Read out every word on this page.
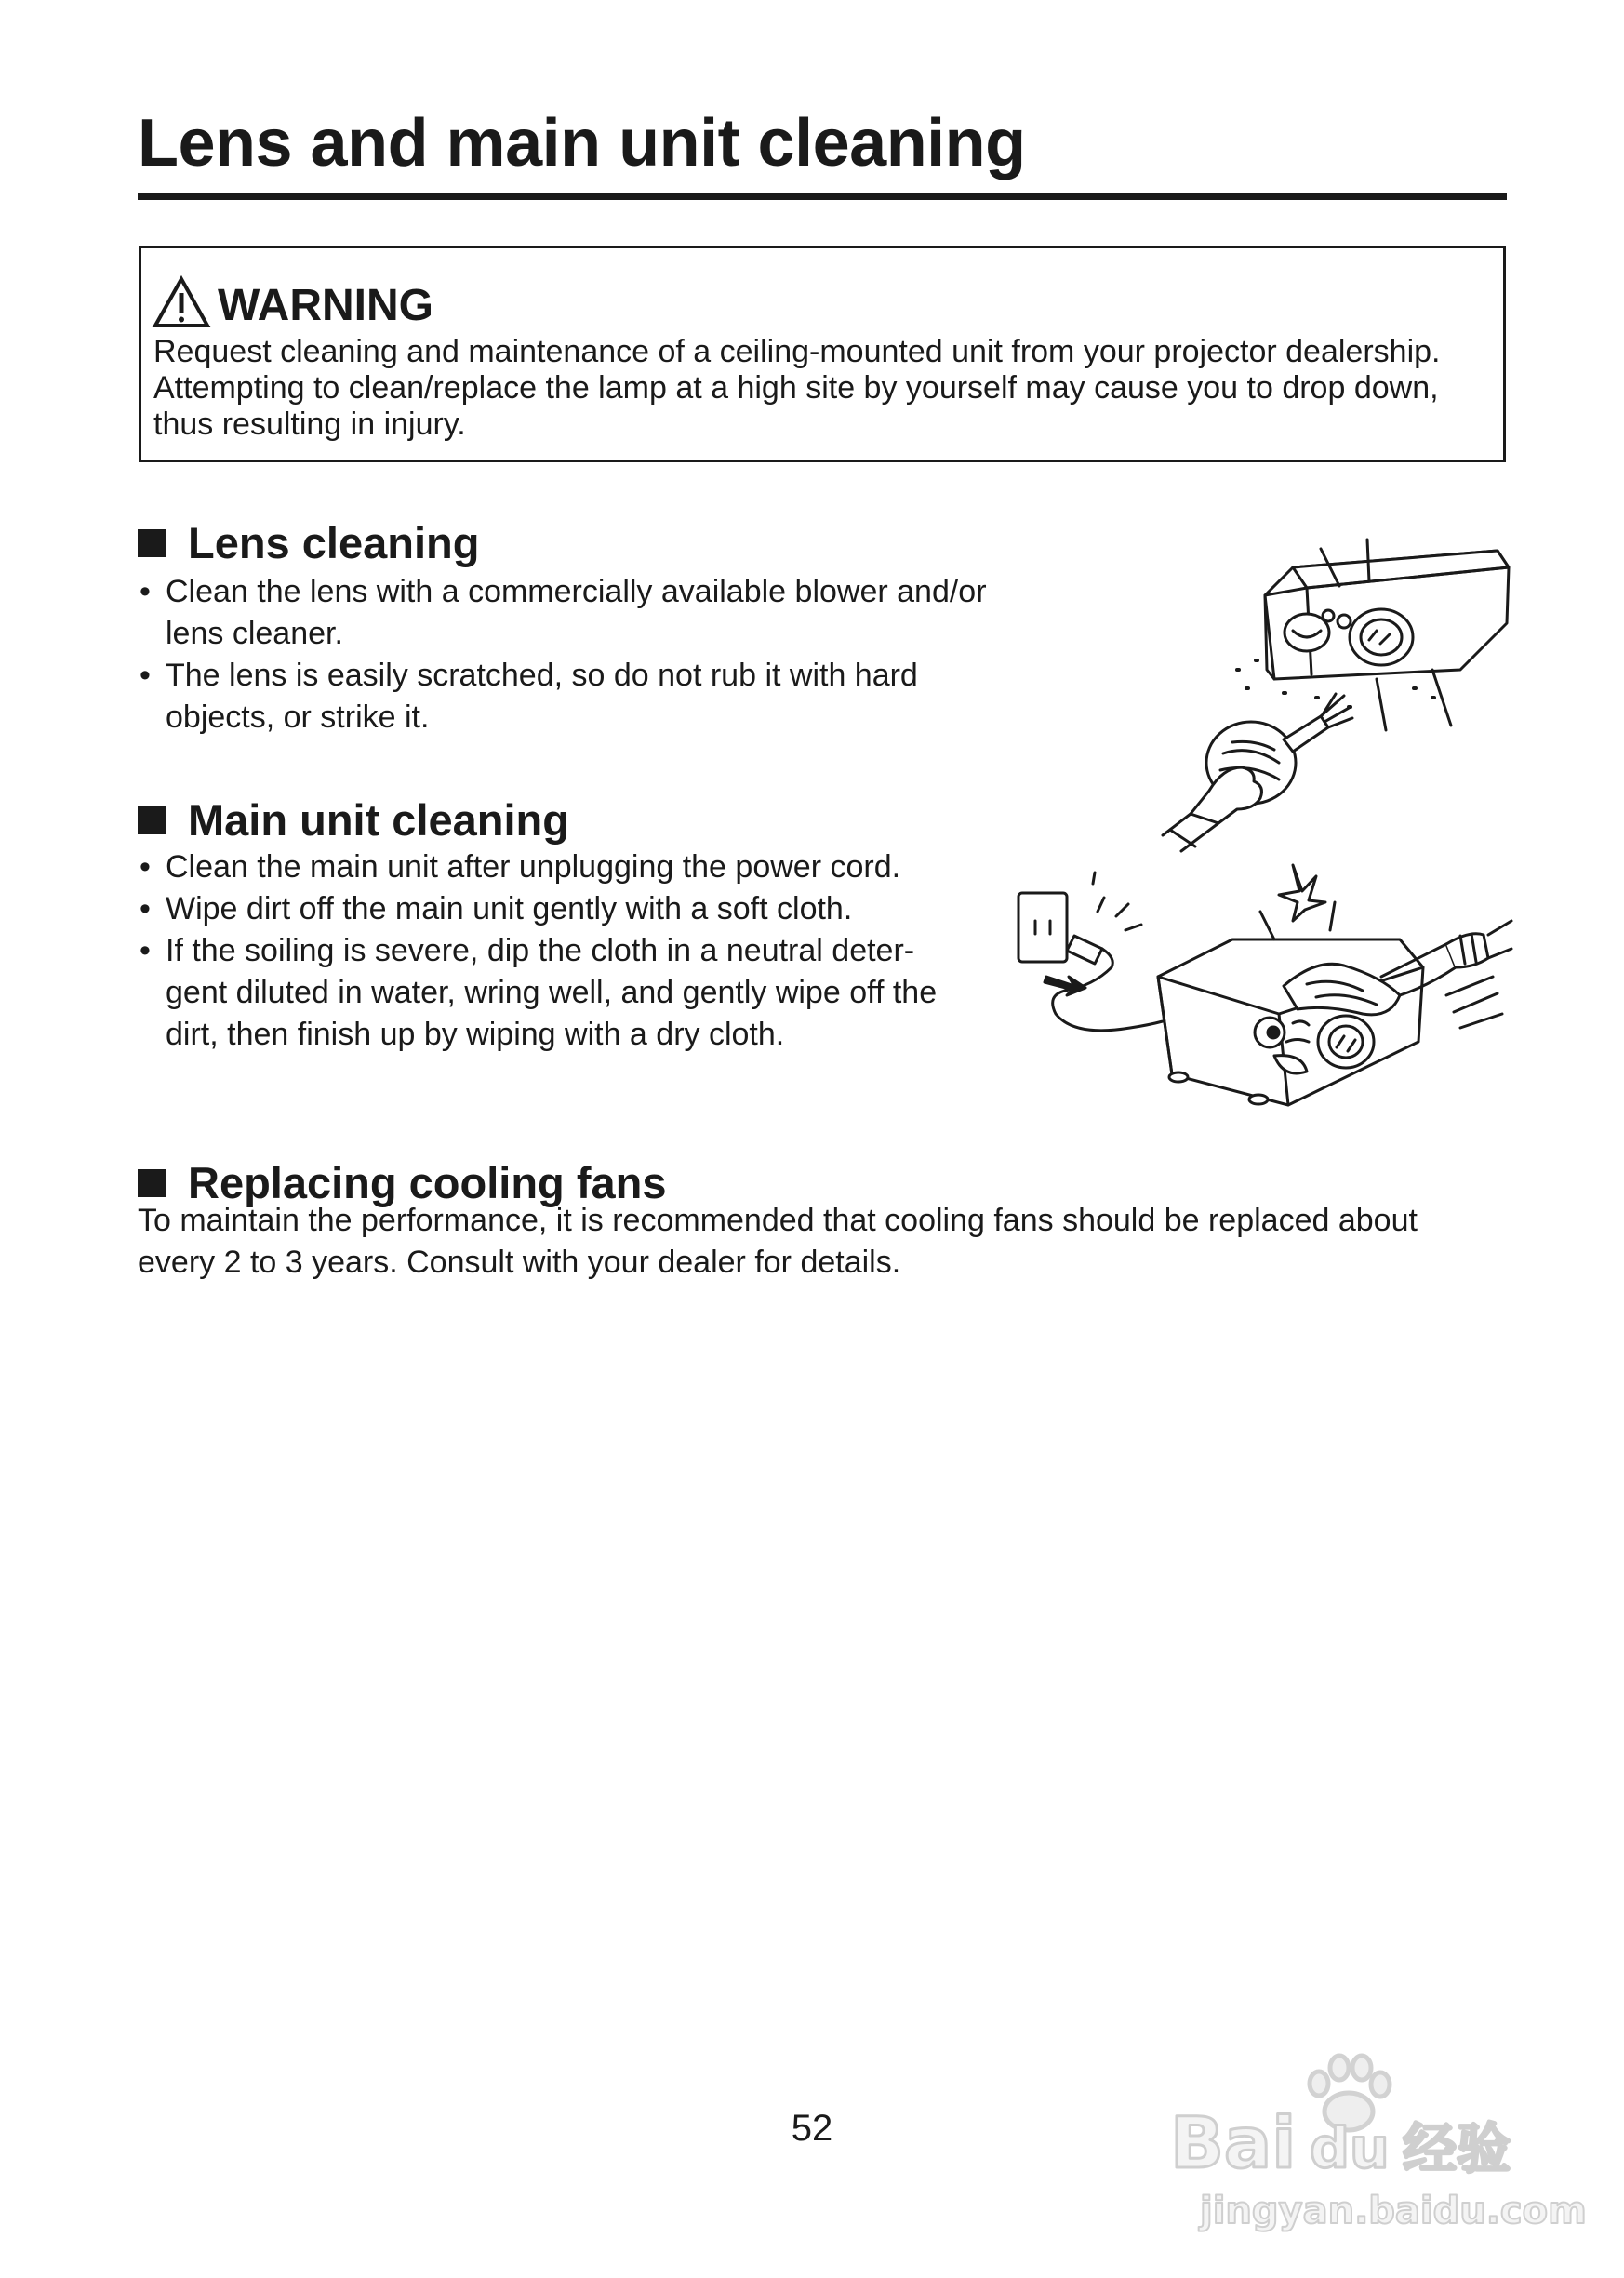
Lens and main unit cleaning
WARNING

Request cleaning and maintenance of a ceiling-mounted unit from your projector dealership. Attempting to clean/replace the lamp at a high site by yourself may cause you to drop down, thus resulting in injury.

Lens cleaning
• Clean the lens with a commercially available blower and/or lens cleaner.
• The lens is easily scratched, so do not rub it with hard objects, or strike it.
Main unit cleaning
• Clean the main unit after unplugging the power cord.
• Wipe dirt off the main unit gently with a soft cloth.
• If the soiling is severe, dip the cloth in a neutral deter-gent diluted in water, wring well, and gently wipe off the dirt, then finish up by wiping with a dry cloth.
Replacing cooling fans

To maintain the performance, it is recommended that cooling fans should be replaced about every 2 to 3 years. Consult with your dealer for details.

52	Bai du 经验
jingyan.baidu.com
